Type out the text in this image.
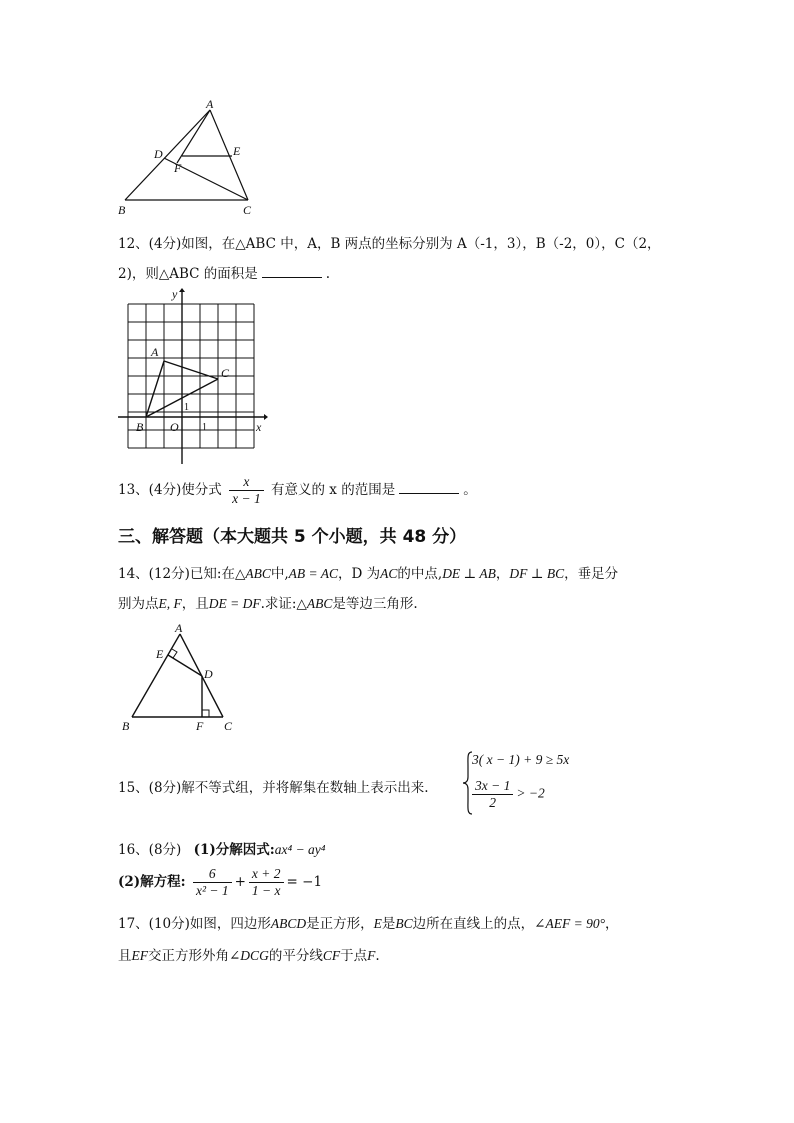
A
D	E
F
B	C
12、(4分)如图，在△ABC 中，A，B 两点的坐标分别为 A（-1，3），B（-2，0），C（2，
2)，则△ABC 的面积是	.
y
x
A
C
B O 1
1
13、(4分)使分式 $\frac{x}{x - 1}$ 有意义的 x 的范围是	。
三、解答题（本大题共 5 个小题，共 48 分）
14、(12分)已知:在△ABC中,AB = AC，D 为AC的中点,DE ⊥ AB，DF ⊥ BC，垂足分
别为点E, F，且DE = DF.求证:△ABC是等边三角形.
A
E
D
B	F C
15、(8分)解不等式组，并将解集在数轴上表示出来.
3( x − 1) + 9 ≥ 5x
$\frac{3x - 1}{2} > -2$
16、(8分) (1)分解因式:ax⁴ − ay⁴
(2)解方程: $\frac{6}{\text{x² − 1}} + \frac{x + 2}{1 - x} = -1$
17、(10分)如图，四边形ABCD是正方形，E是BC边所在直线上的点，∠AEF = 90°，
且EF交正方形外角∠DCG的平分线CF于点F.
